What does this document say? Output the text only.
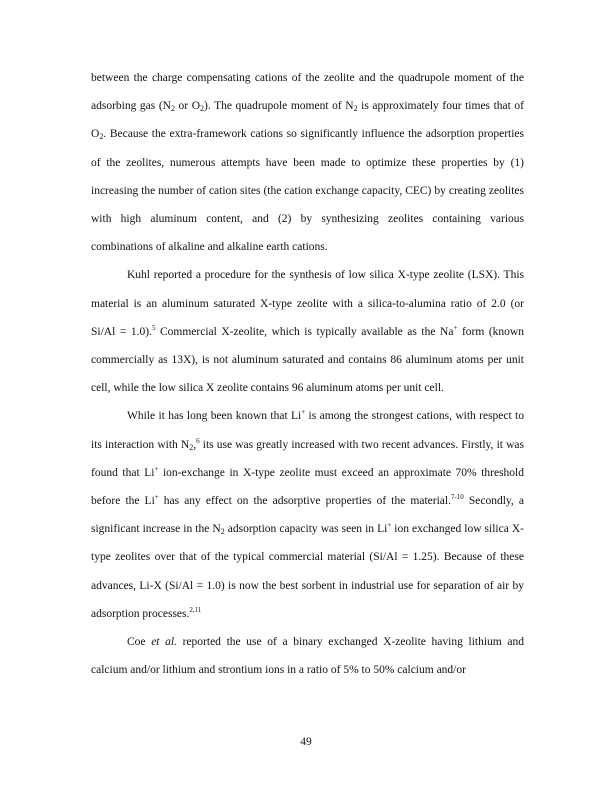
between the charge compensating cations of the zeolite and the quadrupole moment of the adsorbing gas ($N_2$ or $O_2$). The quadrupole moment of $N_2$ is approximately four times that of $O_2$. Because the extra-framework cations so significantly influence the adsorption properties of the zeolites, numerous attempts have been made to optimize these properties by (1) increasing the number of cation sites (the cation exchange capacity, CEC) by creating zeolites with high aluminum content, and (2) by synthesizing zeolites containing various combinations of alkaline and alkaline earth cations.

Kuhl reported a procedure for the synthesis of low silica X-type zeolite (LSX). This material is an aluminum saturated X-type zeolite with a silica-to-alumina ratio of 2.0 (or Si/Al = 1.0).$^5$ Commercial X-zeolite, which is typically available as the Na+ form (known commercially as 13X), is not aluminum saturated and contains 86 aluminum atoms per unit cell, while the low silica X zeolite contains 96 aluminum atoms per unit cell.

While it has long been known that Li+ is among the strongest cations, with respect to its interaction with $N_2,^6$ its use was greatly increased with two recent advances. Firstly, it was found that Li+ ion-exchange in X-type zeolite must exceed an approximate 70% threshold before the Li+ has any effect on the adsorptive properties of the material.$^{7-10}$ Secondly, a significant increase in the $N_2$ adsorption capacity was seen in Li+ ion exchanged low silica X-type zeolites over that of the typical commercial material (Si/Al = 1.25). Because of these advances, Li-X (Si/Al = 1.0) is now the best sorbent in industrial use for separation of air by adsorption processes.$^{2,11}$

Coe et al. reported the use of a binary exchanged X-zeolite having lithium and calcium and/or lithium and strontium ions in a ratio of 5% to 50% calcium and/or

49
